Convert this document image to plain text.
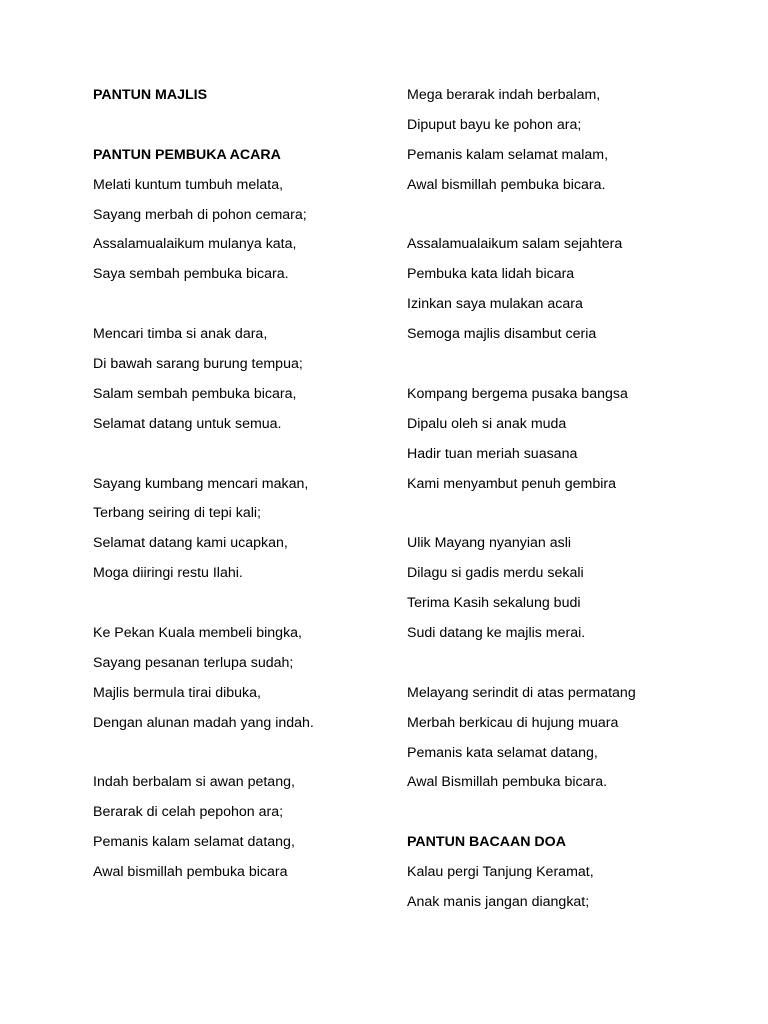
PANTUN MAJLIS
PANTUN PEMBUKA ACARA
Melati kuntum tumbuh melata,
Sayang merbah di pohon cemara;
Assalamualaikum mulanya kata,
Saya sembah pembuka bicara.
Mencari timba si anak dara,
Di bawah sarang burung tempua;
Salam sembah pembuka bicara,
Selamat datang untuk semua.
Sayang kumbang mencari makan,
Terbang seiring di tepi kali;
Selamat datang kami ucapkan,
Moga diiringi restu Ilahi.
Ke Pekan Kuala membeli bingka,
Sayang pesanan terlupa sudah;
Majlis bermula tirai dibuka,
Dengan alunan madah yang indah.
Indah berbalam si awan petang,
Berarak di celah pepohon ara;
Pemanis kalam selamat datang,
Awal bismillah pembuka bicara
Mega berarak indah berbalam,
Dipuput bayu ke pohon ara;
Pemanis kalam selamat malam,
Awal bismillah pembuka bicara.
Assalamualaikum salam sejahtera
Pembuka kata lidah bicara
Izinkan saya mulakan acara
Semoga majlis disambut ceria
Kompang bergema pusaka bangsa
Dipalu oleh si anak muda
Hadir tuan meriah suasana
Kami menyambut penuh gembira
Ulik Mayang nyanyian asli
Dilagu si gadis merdu sekali
Terima Kasih sekalung budi
Sudi datang ke majlis merai.
Melayang serindit di atas permatang
Merbah berkicau di hujung muara
Pemanis kata selamat datang,
Awal Bismillah pembuka bicara.
PANTUN BACAAN DOA
Kalau pergi Tanjung Keramat,
Anak manis jangan diangkat;
